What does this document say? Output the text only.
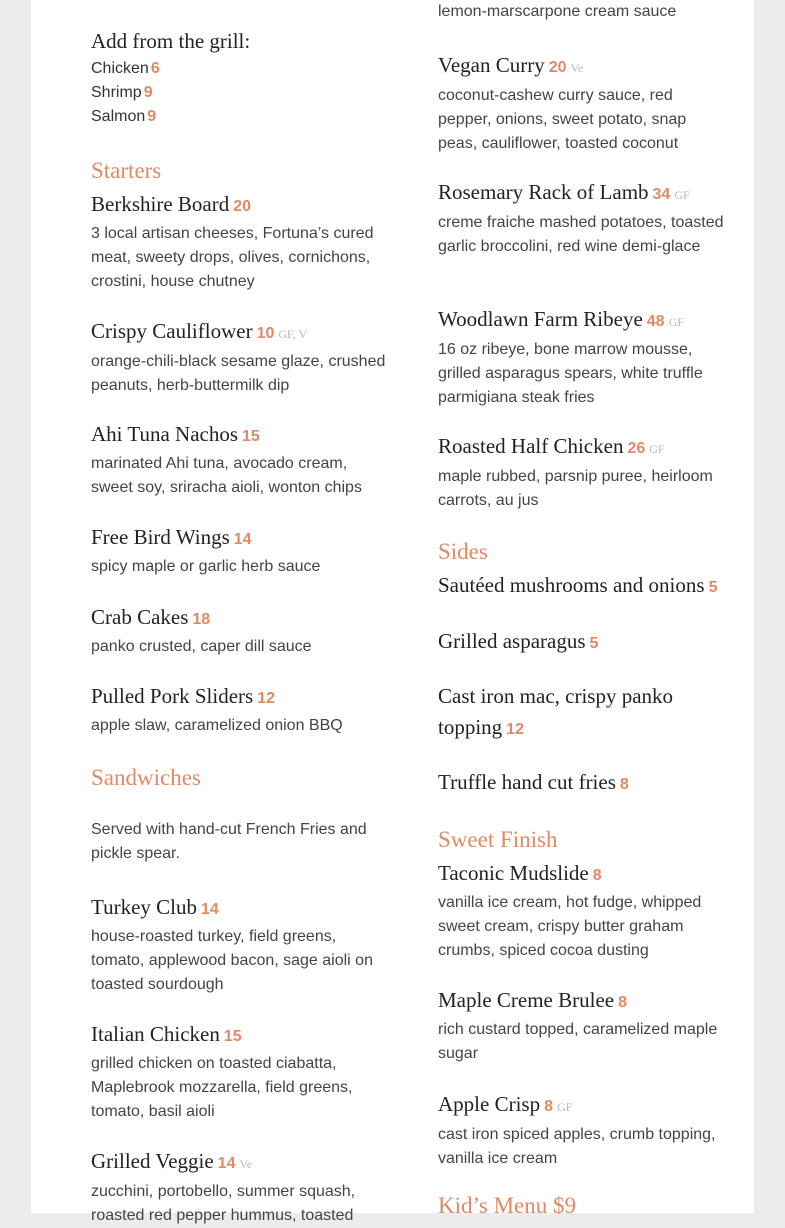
Add from the grill:
Chicken 6
Shrimp 9
Salmon 9
Starters
Berkshire Board 20

3 local artisan cheeses, Fortuna’s cured meat, sweety drops, olives, cornichons, crostini, house chutney

Crispy Cauliflower 10 GF, V

orange-chili-black sesame glaze, crushed peanuts, herb-buttermilk dip

Ahi Tuna Nachos 15

marinated Ahi tuna, avocado cream, sweet soy, sriracha aioli, wonton chips

Free Bird Wings 14

spicy maple or garlic herb sauce

Crab Cakes 18

panko crusted, caper dill sauce

Pulled Pork Sliders 12

apple slaw, caramelized onion BBQ

Sandwiches

Served with hand-cut French Fries and pickle spear.

Turkey Club 14

house-roasted turkey, field greens, tomato, applewood bacon, sage aioli on toasted sourdough

Italian Chicken 15

grilled chicken on toasted ciabatta, Maplebrook mozzarella, field greens, tomato, basil aioli

Grilled Veggie 14 Ve

zucchini, portobello, summer squash, roasted red pepper hummus, toasted

lemon-marscarpone cream sauce

Vegan Curry 20 Ve

coconut-cashew curry sauce, red pepper, onions, sweet potato, snap peas, cauliflower, toasted coconut

Rosemary Rack of Lamb 34 GF

creme fraiche mashed potatoes, toasted garlic broccolini, red wine demi-glace

Woodlawn Farm Ribeye 48 GF

16 oz ribeye, bone marrow mousse, grilled asparagus spears, white truffle parmigiana steak fries

Roasted Half Chicken 26 GF

maple rubbed, parsnip puree, heirloom carrots, au jus

Sides
Sautéed mushrooms and onions 5
Grilled asparagus 5
Cast iron mac, crispy panko topping 12
Truffle hand cut fries 8
Sweet Finish
Taconic Mudslide 8

vanilla ice cream, hot fudge, whipped sweet cream, crispy butter graham crumbs, spiced cocoa dusting

Maple Creme Brulee 8

rich custard topped, caramelized maple sugar

Apple Crisp 8 GF

cast iron spiced apples, crumb topping, vanilla ice cream

Kid’s Menu $9
